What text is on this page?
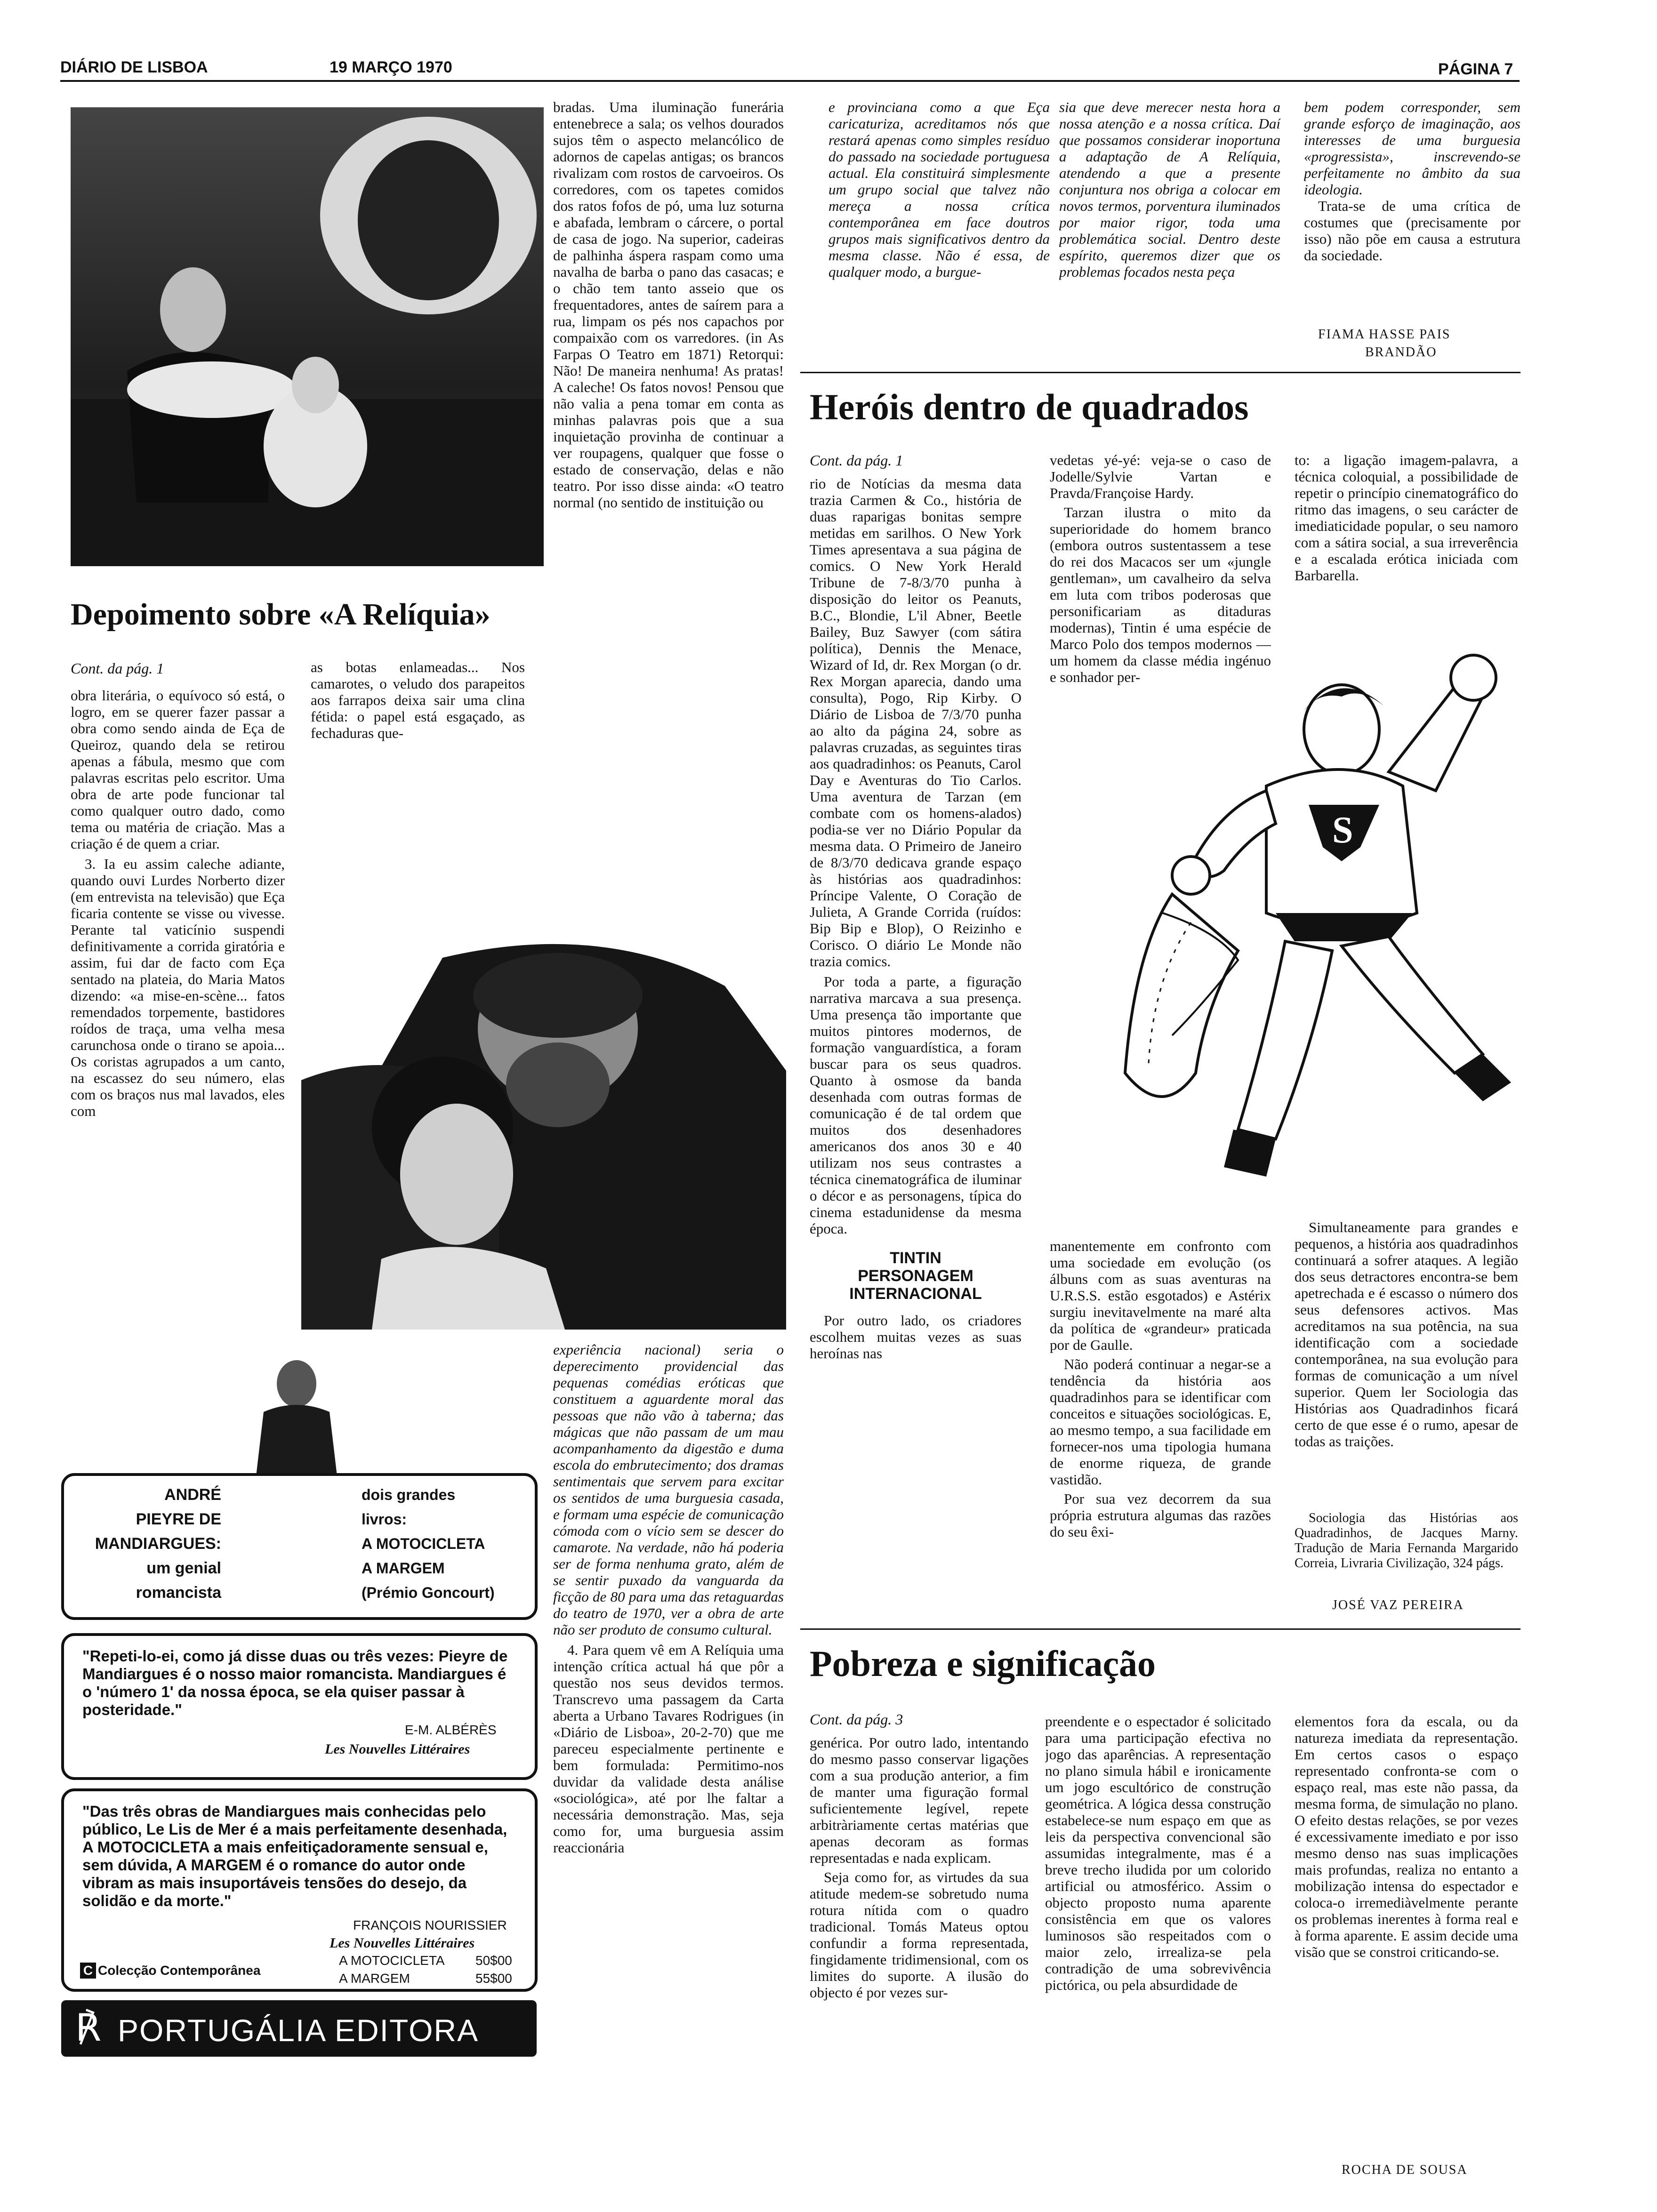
DIÁRIO DE LISBOA	19 MARÇO 1970	PÁGINA 7
Depoimento sobre «A Relíquia»
Cont. da pág. 1

obra literária, o equívoco só está, o logro, em se querer fazer passar a obra como sendo ainda de Eça de Queiroz, quando dela se retirou apenas a fábula, mesmo que com palavras escritas pelo escritor. Uma obra de arte pode funcionar tal como qualquer outro dado, como tema ou matéria de criação. Mas a criação é de quem a criar.

3. Ia eu assim caleche adiante, quando ouvi Lurdes Norberto dizer (em entrevista na televisão) que Eça ficaria contente se visse ou vivesse. Perante tal vaticínio suspendi definitivamente a corrida giratória e assim, fui dar de facto com Eça sentado na plateia, do Maria Matos dizendo: «a mise-en-scène... fatos remendados torpemente, bastidores roídos de traça, uma velha mesa carunchosa onde o tirano se apoia... Os coristas agrupados a um canto, na escassez do seu número, elas com os braços nus mal lavados, eles com

as botas enlameadas... Nos camarotes, o veludo dos parapeitos aos farrapos deixa sair uma clina fétida: o papel está esgaçado, as fechaduras que-

bradas. Uma iluminação funerária entenebrece a sala; os velhos dourados sujos têm o aspecto melancólico de adornos de capelas antigas; os brancos rivalizam com rostos de carvoeiros. Os corredores, com os tapetes comidos dos ratos fofos de pó, uma luz soturna e abafada, lembram o cárcere, o portal de casa de jogo. Na superior, cadeiras de palhinha áspera raspam como uma navalha de barba o pano das casacas; e o chão tem tanto asseio que os frequentadores, antes de saírem para a rua, limpam os pés nos capachos por compaixão com os varredores. (in As Farpas O Teatro em 1871) Retorqui: Não! De maneira nenhuma! As pratas! A caleche! Os fatos novos! Pensou que não valia a pena tomar em conta as minhas palavras pois que a sua inquietação provinha de continuar a ver roupagens, qualquer que fosse o estado de conservação, delas e não teatro. Por isso disse ainda: «O teatro normal (no sentido de instituição ou

experiência nacional) seria o deperecimento providencial das pequenas comédias eróticas que constituem a aguardente moral das pessoas que não vão à taberna; das mágicas que não passam de um mau acompanhamento da digestão e duma escola do embrutecimento; dos dramas sentimentais que servem para excitar os sentidos de uma burguesia casada, e formam uma espécie de comunicação cómoda com o vício sem se descer do camarote. Na verdade, não há poderia ser de forma nenhuma grato, além de se sentir puxado da vanguarda da ficção de 80 para uma das retaguardas do teatro de 1970, ver a obra de arte não ser produto de consumo cultural.

4. Para quem vê em A Relíquia uma intenção crítica actual há que pôr a questão nos seus devidos termos. Transcrevo uma passagem da Carta aberta a Urbano Tavares Rodrigues (in «Diário de Lisboa», 20-2-70) que me pareceu especialmente pertinente e bem formulada: Permitimo-nos duvidar da validade desta análise «sociológica», até por lhe faltar a necessária demonstração. Mas, seja como for, uma burguesia assim reaccionária

e provinciana como a que Eça caricaturiza, acreditamos nós que restará apenas como simples resíduo do passado na sociedade portuguesa actual. Ela constituirá simplesmente um grupo social que talvez não mereça a nossa crítica contemporânea em face doutros grupos mais significativos dentro da mesma classe. Não é essa, de qualquer modo, a burgue-

sia que deve merecer nesta hora a nossa atenção e a nossa crítica. Daí que possamos considerar inoportuna a adaptação de A Relíquia, atendendo a que a presente conjuntura nos obriga a colocar em novos termos, porventura iluminados por maior rigor, toda uma problemática social. Dentro deste espírito, queremos dizer que os problemas focados nesta peça

bem podem corresponder, sem grande esforço de imaginação, aos interesses de uma burguesia «progressista», inscrevendo-se perfeitamente no âmbito da sua ideologia.

Trata-se de uma crítica de costumes que (precisamente por isso) não põe em causa a estrutura da sociedade.

FIAMA HASSE PAIS
BRANDÃO
Heróis dentro de quadrados
Cont. da pág. 1

rio de Notícias da mesma data trazia Carmen & Co., história de duas raparigas bonitas sempre metidas em sarilhos. O New York Times apresentava a sua página de comics. O New York Herald Tribune de 7-8/3/70 punha à disposição do leitor os Peanuts, B.C., Blondie, L'il Abner, Beetle Bailey, Buz Sawyer (com sátira política), Dennis the Menace, Wizard of Id, dr. Rex Morgan (o dr. Rex Morgan aparecia, dando uma consulta), Pogo, Rip Kirby. O Diário de Lisboa de 7/3/70 punha ao alto da página 24, sobre as palavras cruzadas, as seguintes tiras aos quadradinhos: os Peanuts, Carol Day e Aventuras do Tio Carlos. Uma aventura de Tarzan (em combate com os homens-alados) podia-se ver no Diário Popular da mesma data. O Primeiro de Janeiro de 8/3/70 dedicava grande espaço às histórias aos quadradinhos: Príncipe Valente, O Coração de Julieta, A Grande Corrida (ruídos: Bip Bip e Blop), O Reizinho e Corisco. O diário Le Monde não trazia comics.

Por toda a parte, a figuração narrativa marcava a sua presença. Uma presença tão importante que muitos pintores modernos, de formação vanguardística, a foram buscar para os seus quadros. Quanto à osmose da banda desenhada com outras formas de comunicação é de tal ordem que muitos dos desenhadores americanos dos anos 30 e 40 utilizam nos seus contrastes a técnica cinematográfica de iluminar o décor e as personagens, típica do cinema estadunidense da mesma época.

TINTIN
PERSONAGEM
INTERNACIONAL

Por outro lado, os criadores escolhem muitas vezes as suas heroínas nas

vedetas yé-yé: veja-se o caso de Jodelle/Sylvie Vartan e Pravda/Françoise Hardy.

Tarzan ilustra o mito da superioridade do homem branco (embora outros sustentassem a tese do rei dos Macacos ser um «jungle gentleman», um cavalheiro da selva em luta com tribos poderosas que personificariam as ditaduras modernas), Tintin é uma espécie de Marco Polo dos tempos modernos — um homem da classe média ingénuo e sonhador per-

manentemente em confronto com uma sociedade em evolução (os álbuns com as suas aventuras na U.R.S.S. estão esgotados) e Astérix surgiu inevitavelmente na maré alta da política de «grandeur» praticada por de Gaulle.

Não poderá continuar a negar-se a tendência da história aos quadradinhos para se identificar com conceitos e situações sociológicas. E, ao mesmo tempo, a sua facilidade em fornecer-nos uma tipologia humana de enorme riqueza, de grande vastidão.

Por sua vez decorrem da sua própria estrutura algumas das razões do seu êxi-

to: a ligação imagem-palavra, a técnica coloquial, a possibilidade de repetir o princípio cinematográfico do ritmo das imagens, o seu carácter de imediaticidade popular, o seu namoro com a sátira social, a sua irreverência e a escalada erótica iniciada com Barbarella.

S

Simultaneamente para grandes e pequenos, a história aos quadradinhos continuará a sofrer ataques. A legião dos seus detractores encontra-se bem apetrechada e é escasso o número dos seus defensores activos. Mas acreditamos na sua potência, na sua identificação com a sociedade contemporânea, na sua evolução para formas de comunicação a um nível superior. Quem ler Sociologia das Histórias aos Quadradinhos ficará certo de que esse é o rumo, apesar de todas as traições.

Sociologia das Histórias aos Quadradinhos, de Jacques Marny. Tradução de Maria Fernanda Margarido Correia, Livraria Civilização, 324 págs.

JOSÉ VAZ PEREIRA
Pobreza e significação
Cont. da pág. 3

genérica. Por outro lado, intentando do mesmo passo conservar ligações com a sua produção anterior, a fim de manter uma figuração formal suficientemente legível, repete arbitràriamente certas matérias que apenas decoram as formas representadas e nada explicam.

Seja como for, as virtudes da sua atitude medem-se sobretudo numa rotura nítida com o quadro tradicional. Tomás Mateus optou confundir a forma representada, fingidamente tridimensional, com os limites do suporte. A ilusão do objecto é por vezes sur-

preendente e o espectador é solicitado para uma participação efectiva no jogo das aparências. A representação no plano simula hábil e ironicamente um jogo escultórico de construção geométrica. A lógica dessa construção estabelece-se num espaço em que as leis da perspectiva convencional são assumidas integralmente, mas é a breve trecho iludida por um colorido artificial ou atmosférico. Assim o objecto proposto numa aparente consistência em que os valores luminosos são respeitados com o maior zelo, irrealiza-se pela contradição de uma sobrevivência pictórica, ou pela absurdidade de

elementos fora da escala, ou da natureza imediata da representação. Em certos casos o espaço representado confronta-se com o espaço real, mas este não passa, da mesma forma, de simulação no plano. O efeito destas relações, se por vezes é excessivamente imediato e por isso mesmo denso nas suas implicações mais profundas, realiza no entanto a mobilização intensa do espectador e coloca-o irremediàvelmente perante os problemas inerentes à forma real e à forma aparente. E assim decide uma visão que se constroi criticando-se.

ROCHA DE SOUSA
ANDRÉ
PIEYRE DE
MANDIARGUES:
um genial
romancista
dois grandes
livros:
A MOTOCICLETA
A MARGEM
(Prémio Goncourt)
"Repeti-lo-ei, como já disse duas ou três vezes: Pieyre de Mandiargues é o nosso maior romancista. Mandiargues é o 'número 1' da nossa época, se ela quiser passar à posteridade."
E-M. ALBÉRÈS
Les Nouvelles Littéraires
"Das três obras de Mandiargues mais conhecidas pelo público, Le Lis de Mer é a mais perfeitamente desenhada, A MOTOCICLETA a mais enfeitiçadoramente sensual e, sem dúvida, A MARGEM é o romance do autor onde vibram as mais insuportáveis tensões do desejo, da solidão e da morte."
FRANÇOIS NOURISSIER
Les Nouvelles Littéraires
C Colecção Contemporânea
A MOTOCICLETA 50$00
A MARGEM	55$00
℟ PORTUGÁLIA EDITORA
